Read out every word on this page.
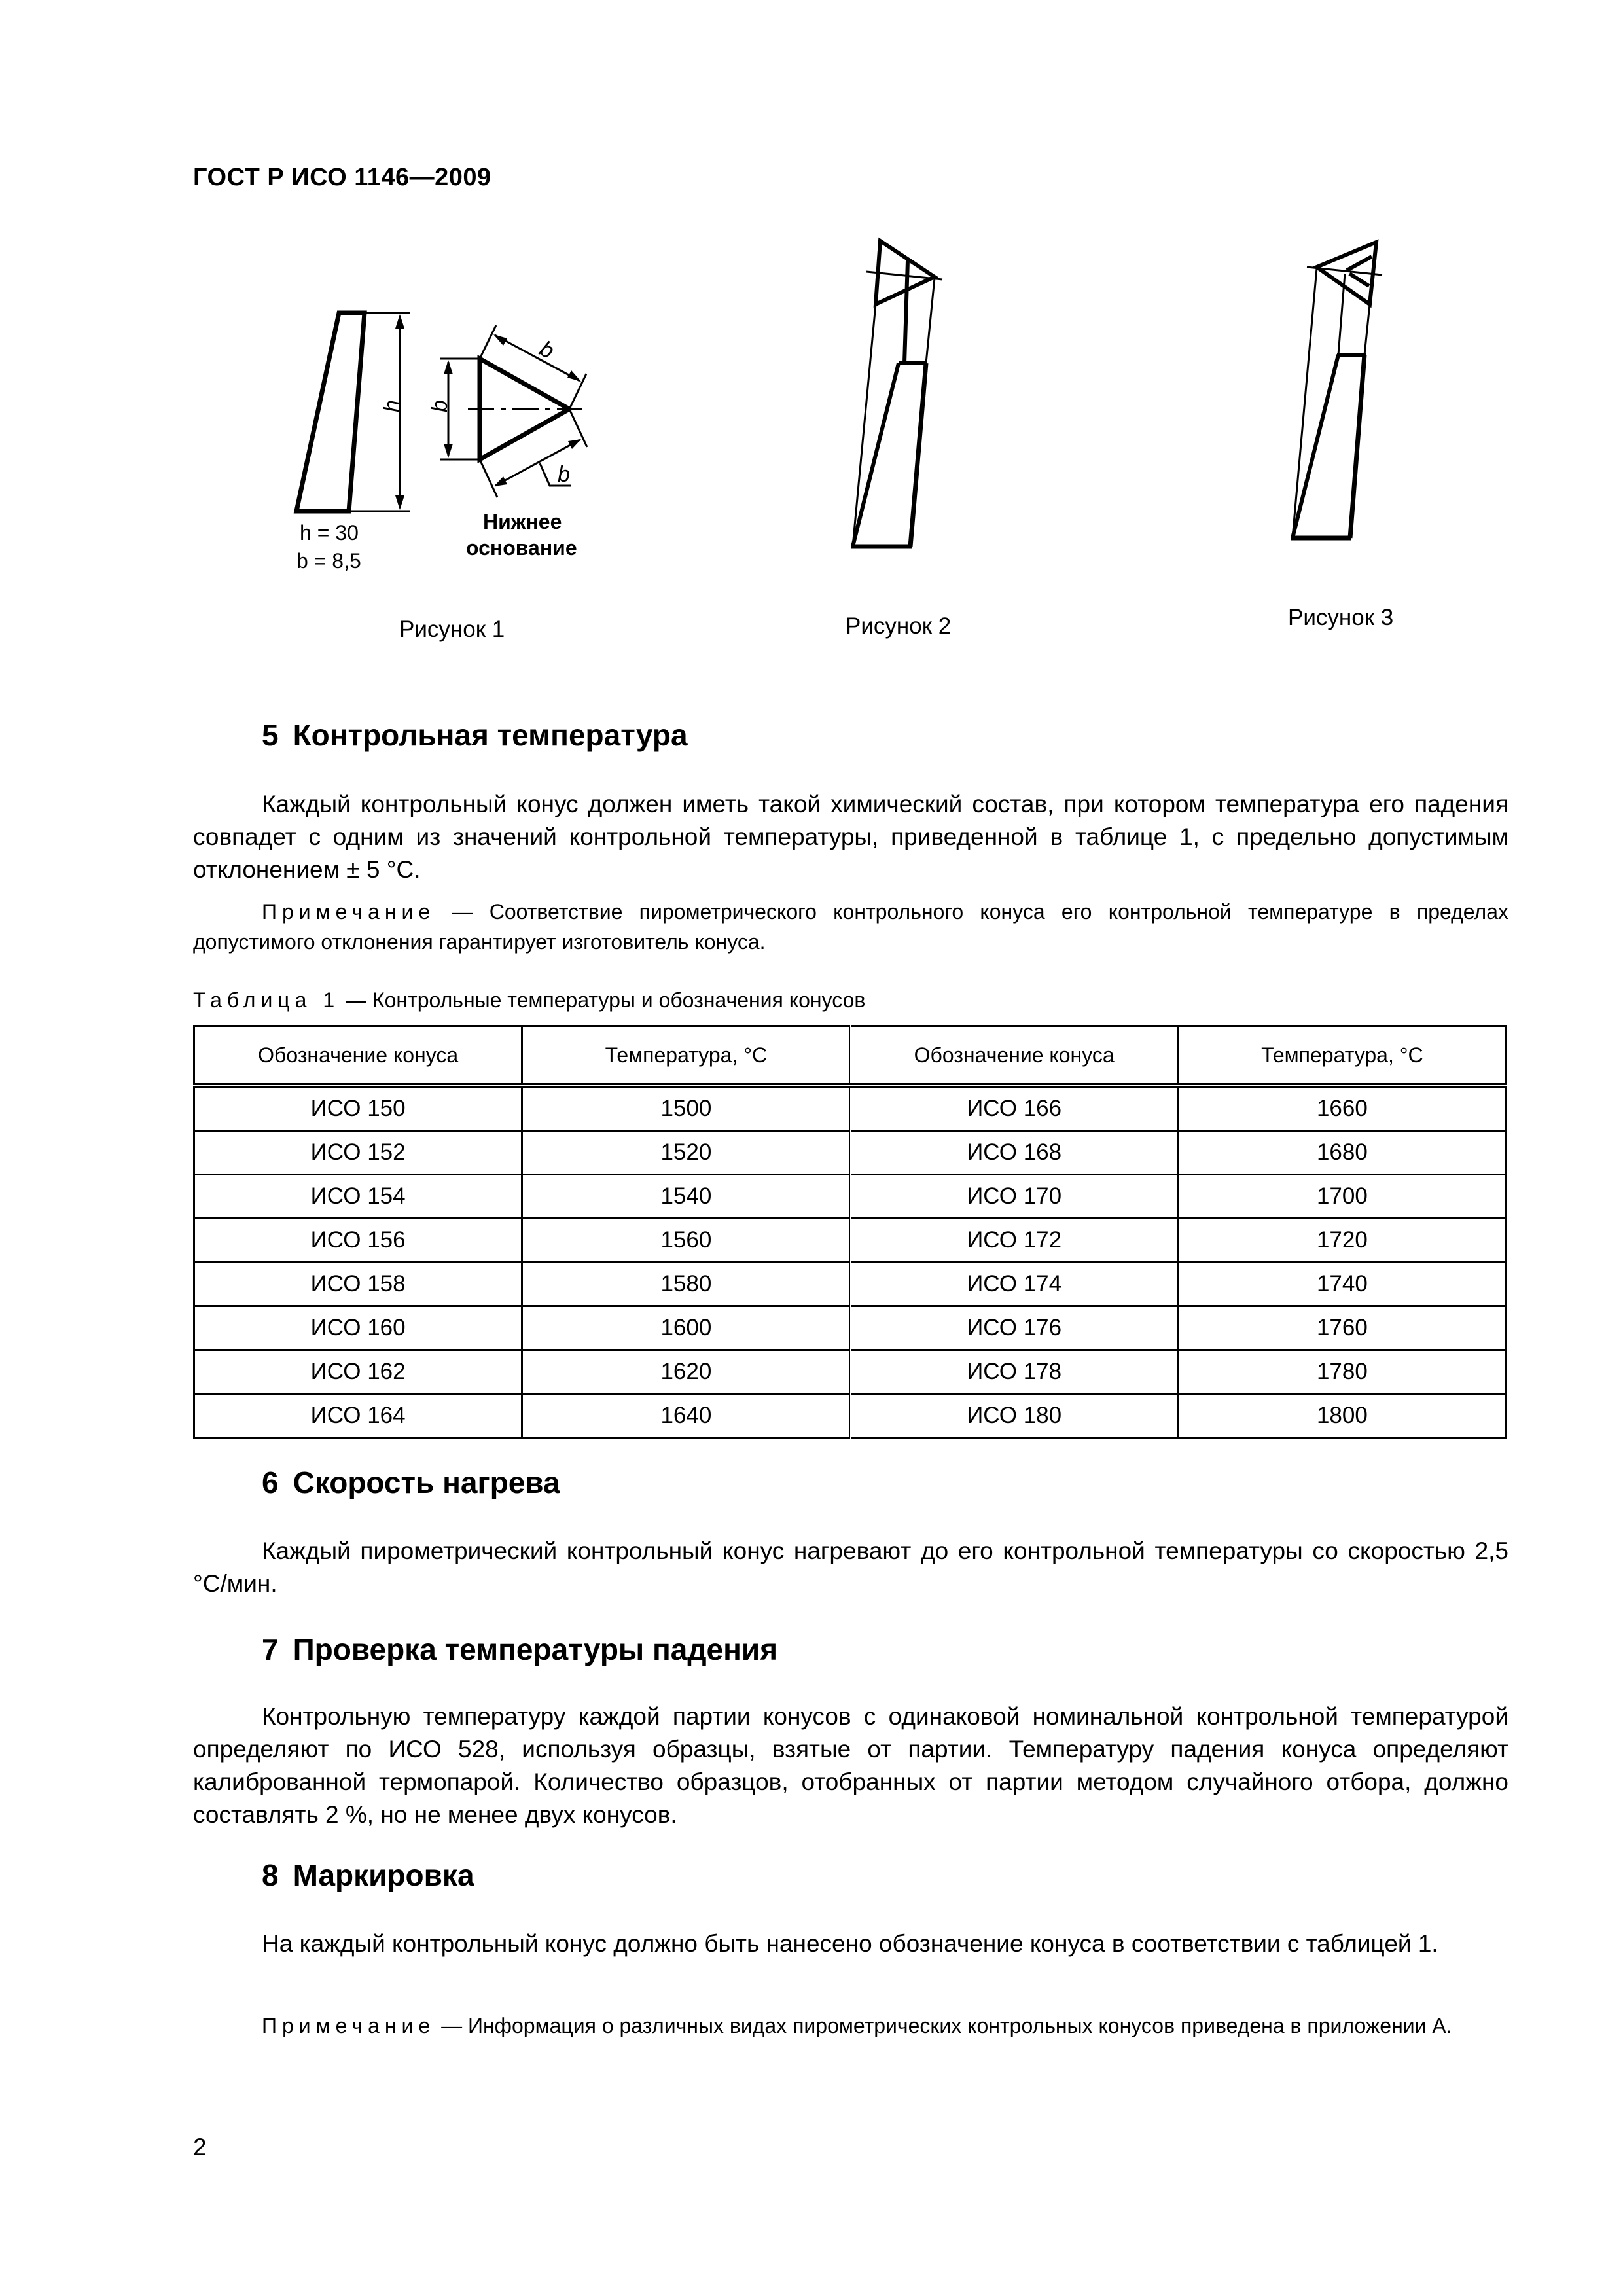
ГОСТ Р ИСО 1146—2009
h b
b
b
h = 30
b = 8,5
Нижнее
основание
Рисунок 1	Рисунок 2	Рисунок 3
5 Контрольная температура
Каждый контрольный конус должен иметь такой химический состав, при котором температура его падения совпадет с одним из значений контрольной температуры, приведенной в таблице 1, с предельно допустимым отклонением ± 5 °С.
Примечание — Соответствие пирометрического контрольного конуса его контрольной температуре в пределах допустимого отклонения гарантирует изготовитель конуса.
Таблица 1 — Контрольные температуры и обозначения конусов
Обозначение конуса	Температура, °С	Обозначение конуса	Температура, °С
ИСО 150	1500	ИСО 166	1660
ИСО 152	1520	ИСО 168	1680
ИСО 154	1540	ИСО 170	1700
ИСО 156	1560	ИСО 172	1720
ИСО 158	1580	ИСО 174	1740
ИСО 160	1600	ИСО 176	1760
ИСО 162	1620	ИСО 178	1780
ИСО 164	1640	ИСО 180	1800
6 Скорость нагрева
Каждый пирометрический контрольный конус нагревают до его контрольной температуры со скоростью 2,5 °С/мин.
7 Проверка температуры падения
Контрольную температуру каждой партии конусов с одинаковой номинальной контрольной температурой определяют по ИСО 528, используя образцы, взятые от партии. Температуру падения конуса определяют калиброванной термопарой. Количество образцов, отобранных от партии методом случайного отбора, должно составлять 2 %, но не менее двух конусов.
8 Маркировка
На каждый контрольный конус должно быть нанесено обозначение конуса в соответствии с таблицей 1.
Примечание — Информация о различных видах пирометрических контрольных конусов приведена в приложении А.
2
